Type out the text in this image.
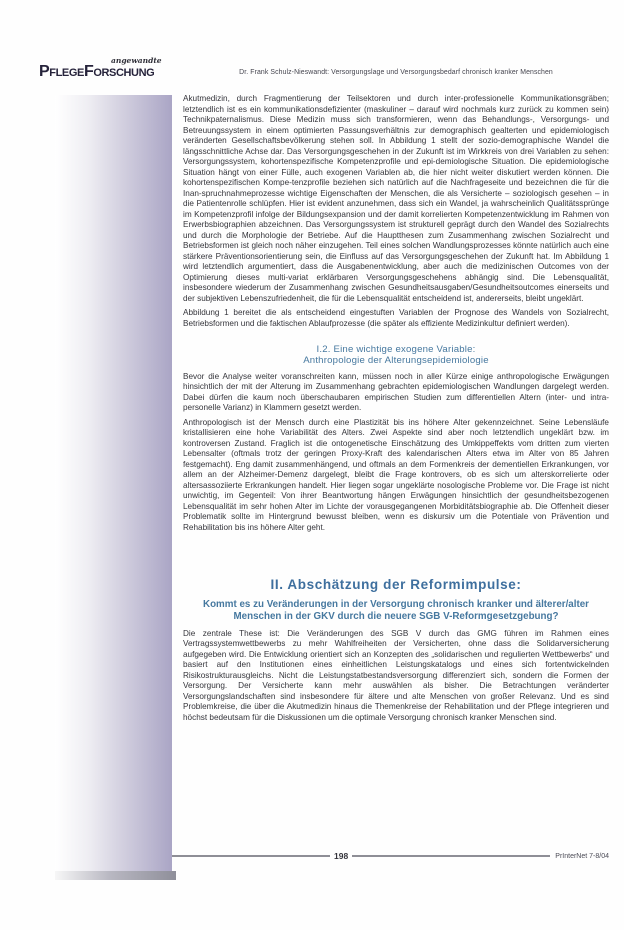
angewandte
PflegeForschung	Dr. Frank Schulz-Nieswandt: Versorgungslage und Versorgungsbedarf chronisch kranker Menschen

Akutmedizin, durch Fragmentierung der Teilsektoren und durch inter-professionelle Kommunikationsgräben; letztendlich ist es ein kommunikationsdefizienter (maskuliner – darauf wird nochmals kurz zurück zu kommen sein) Technikpaternalismus. Diese Medizin muss sich transformieren, wenn das Behandlungs-, Versorgungs- und Betreuungssystem in einem optimierten Passungsverhältnis zur demographisch gealterten und epidemiologisch veränderten Gesellschaftsbevölkerung stehen soll. In Abbildung 1 stellt der sozio-demographische Wandel die längsschnittliche Achse dar. Das Versorgungsgeschehen in der Zukunft ist im Wirkkreis von drei Variablen zu sehen: Versorgungssystem, kohortenspezifische Kompetenzprofile und epi-demiologische Situation. Die epidemiologische Situation hängt von einer Fülle, auch exogenen Variablen ab, die hier nicht weiter diskutiert werden können. Die kohortenspezifischen Kompe-tenzprofile beziehen sich natürlich auf die Nachfrageseite und bezeichnen die für die Inan-spruchnahmeprozesse wichtige Eigenschaften der Menschen, die als Versicherte – soziologisch gesehen – in die Patientenrolle schlüpfen. Hier ist evident anzunehmen, dass sich ein Wandel, ja wahrscheinlich Qualitätssprünge im Kompetenzprofil infolge der Bildungsexpansion und der damit korrelierten Kompetenzentwicklung im Rahmen von Erwerbsbiographien abzeichnen. Das Versorgungssystem ist strukturell geprägt durch den Wandel des Sozialrechts und durch die Morphologie der Betriebe. Auf die Hauptthesen zum Zusammenhang zwischen Sozialrecht und Betriebsformen ist gleich noch näher einzugehen. Teil eines solchen Wandlungsprozesses könnte natürlich auch eine stärkere Präventionsorientierung sein, die Einfluss auf das Versorgungsgeschehen der Zukunft hat. Im Abbildung 1 wird letztendlich argumentiert, dass die Ausgabenentwicklung, aber auch die medizinischen Outcomes von der Optimierung dieses multi-variat erklärbaren Versorgungsgeschehens abhängig sind. Die Lebensqualität, insbesondere wiederum der Zusammenhang zwischen Gesundheitsausgaben/Gesundheitsoutcomes einerseits und der subjektiven Lebenszufriedenheit, die für die Lebensqualität entscheidend ist, andererseits, bleibt ungeklärt.

Abbildung 1 bereitet die als entscheidend eingestuften Variablen der Prognose des Wandels von Sozialrecht, Betriebsformen und die faktischen Ablaufprozesse (die später als effiziente Medizinkultur definiert werden).

I.2. Eine wichtige exogene Variable:
Anthropologie der Alterungsepidemiologie

Bevor die Analyse weiter voranschreiten kann, müssen noch in aller Kürze einige anthropologische Erwägungen hinsichtlich der mit der Alterung im Zusammenhang gebrachten epidemiologischen Wandlungen dargelegt werden. Dabei dürfen die kaum noch überschaubaren empirischen Studien zum differentiellen Altern (inter- und intra-personelle Varianz) in Klammern gesetzt werden.

Anthropologisch ist der Mensch durch eine Plastizität bis ins höhere Alter gekennzeichnet. Seine Lebensläufe kristallisieren eine hohe Variabilität des Alters. Zwei Aspekte sind aber noch letztendlich ungeklärt bzw. im kontroversen Zustand. Fraglich ist die ontogenetische Einschätzung des Umkippeffekts vom dritten zum vierten Lebensalter (oftmals trotz der geringen Proxy-Kraft des kalendarischen Alters etwa im Alter von 85 Jahren festgemacht). Eng damit zusammenhängend, und oftmals an dem Formenkreis der dementiellen Erkrankungen, vor allem an der Alzheimer-Demenz dargelegt, bleibt die Frage kontrovers, ob es sich um alterskorrelierte oder altersassoziierte Erkrankungen handelt. Hier liegen sogar ungeklärte nosologische Probleme vor. Die Frage ist nicht unwichtig, im Gegenteil: Von ihrer Beantwortung hängen Erwägungen hinsichtlich der gesundheitsbezogenen Lebensqualität im sehr hohen Alter im Lichte der vorausgegangenen Morbiditätsbiographie ab. Die Offenheit dieser Problematik sollte im Hintergrund bewusst bleiben, wenn es diskursiv um die Potentiale von Prävention und Rehabilitation bis ins höhere Alter geht.

II. Abschätzung der Reformimpulse:
Kommt es zu Veränderungen in der Versorgung chronisch kranker und älterer/alter Menschen in der GKV durch die neuere SGB V-Reformgesetzgebung?

Die zentrale These ist: Die Veränderungen des SGB V durch das GMG führen im Rahmen eines Vertragssystemwettbewerbs zu mehr Wahlfreiheiten der Versicherten, ohne dass die Solidarversicherung aufgegeben wird. Die Entwicklung orientiert sich an Konzepten des „solidarischen und regulierten Wettbewerbs“ und basiert auf den Institutionen eines einheitlichen Leistungskatalogs und eines sich fortentwickelnden Risikostrukturausgleichs. Nicht die Leistungstatbestandsversorgung differenziert sich, sondern die Formen der Versorgung. Der Versicherte kann mehr auswählen als bisher. Die Betrachtungen veränderter Versorgungslandschaften sind insbesondere für ältere und alte Menschen von großer Relevanz. Und es sind Problemkreise, die über die Akutmedizin hinaus die Themenkreise der Rehabilitation und der Pflege integrieren und höchst bedeutsam für die Diskussionen um die optimale Versorgung chronisch kranker Menschen sind.

198	PrInterNet 7-8/04
